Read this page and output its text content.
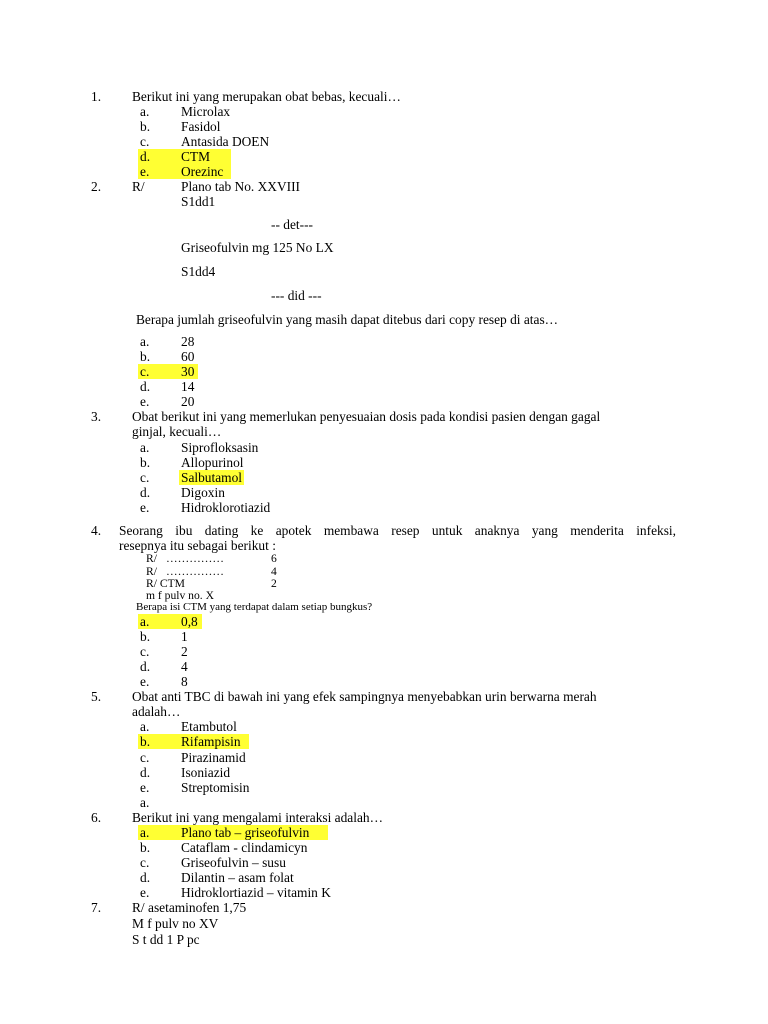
1. Berikut ini yang merupakan obat bebas, kecuali…
a. Microlax
b. Fasidol
c. Antasida DOEN
d. CTM
e. Orezinc
2. R/	Plano tab No. XXVIII
S1dd1
-- det---
Griseofulvin mg 125 No LX
S1dd4
--- did ---
Berapa jumlah griseofulvin yang masih dapat ditebus dari copy resep di atas…
a. 28
b. 60
c. 30
d. 14
e. 20
3. Obat berikut ini yang memerlukan penyesuaian dosis pada kondisi pasien dengan gagal
ginjal, kecuali…
a. Siprofloksasin
b. Allopurinol
c. Salbutamol
d. Digoxin
e. Hidroklorotiazid
4. Seorang ibu dating ke apotek membawa resep untuk anaknya yang menderita infeksi,
resepnya itu sebagai berikut :
R/ ……………	6
R/ ……………	4
R/ CTM	2
m f pulv no. X
Berapa isi CTM yang terdapat dalam setiap bungkus?
a. 0,8
b. 1
c. 2
d. 4
e. 8
5. Obat anti TBC di bawah ini yang efek sampingnya menyebabkan urin berwarna merah
adalah…
a. Etambutol
b. Rifampisin
c. Pirazinamid
d. Isoniazid
e. Streptomisin
a.
6. Berikut ini yang mengalami interaksi adalah…
a. Plano tab – griseofulvin
b. Cataflam - clindamicyn
c. Griseofulvin – susu
d. Dilantin – asam folat
e. Hidroklortiazid – vitamin K
7. R/ asetaminofen 1,75
M f pulv no XV
S t dd 1 P pc
